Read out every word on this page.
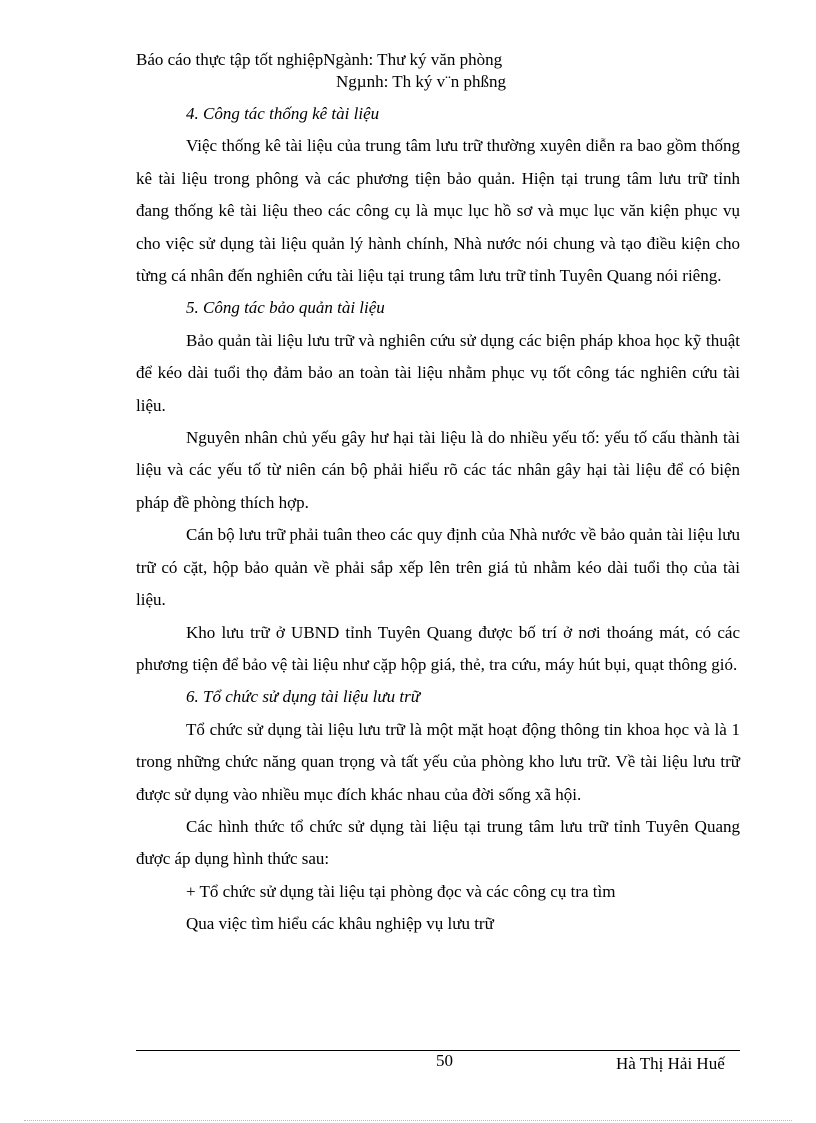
Báo cáo thực tập tốt nghiệpNgành: Thư ký văn phòng
Ngµnh: Th ký v¨n phßng

4. Công tác thống kê tài liệu

Việc thống kê tài liệu của trung tâm lưu trữ thường xuyên diễn ra bao gồm thống kê tài liệu trong phông và các phương tiện bảo quản. Hiện tại trung tâm lưu trữ tỉnh đang thống kê tài liệu theo các công cụ là mục lục hồ sơ và mục lục văn kiện phục vụ cho việc sử dụng tài liệu quản lý hành chính, Nhà nước nói chung và tạo điều kiện cho từng cá nhân đến nghiên cứu tài liệu tại trung tâm lưu trữ tỉnh Tuyên Quang nói riêng.

5. Công tác bảo quản tài liệu

Bảo quản tài liệu lưu trữ và nghiên cứu sử dụng các biện pháp khoa học kỹ thuật để kéo dài tuổi thọ đảm bảo an toàn tài liệu nhằm phục vụ tốt công tác nghiên cứu tài liệu.

Nguyên nhân chủ yếu gây hư hại tài liệu là do nhiều yếu tố: yếu tố cấu thành tài liệu và các yếu tố từ niên cán bộ phải hiểu rõ các tác nhân gây hại tài liệu để có biện pháp đề phòng thích hợp.

Cán bộ lưu trữ phải tuân theo các quy định của Nhà nước về bảo quản tài liệu lưu trữ có cặt, hộp bảo quản về phải sắp xếp lên trên giá tủ nhằm kéo dài tuổi thọ của tài liệu.

Kho lưu trữ ở UBND tỉnh Tuyên Quang được bố trí ở nơi thoáng mát, có các phương tiện để bảo vệ tài liệu như cặp hộp giá, thẻ, tra cứu, máy hút bụi, quạt thông gió.

6. Tổ chức sử dụng tài liệu lưu trữ

Tổ chức sử dụng tài liệu lưu trữ là một mặt hoạt động thông tin khoa học và là 1 trong những chức năng quan trọng và tất yếu của phòng kho lưu trữ. Về tài liệu lưu trữ được sử dụng vào nhiều mục đích khác nhau của đời sống xã hội.

Các hình thức tổ chức sử dụng tài liệu tại trung tâm lưu trữ tỉnh Tuyên Quang được áp dụng hình thức sau:

+ Tổ chức sử dụng tài liệu tại phòng đọc và các công cụ tra tìm

Qua việc tìm hiểu các khâu nghiệp vụ lưu trữ

50	Hà Thị Hải Huế
